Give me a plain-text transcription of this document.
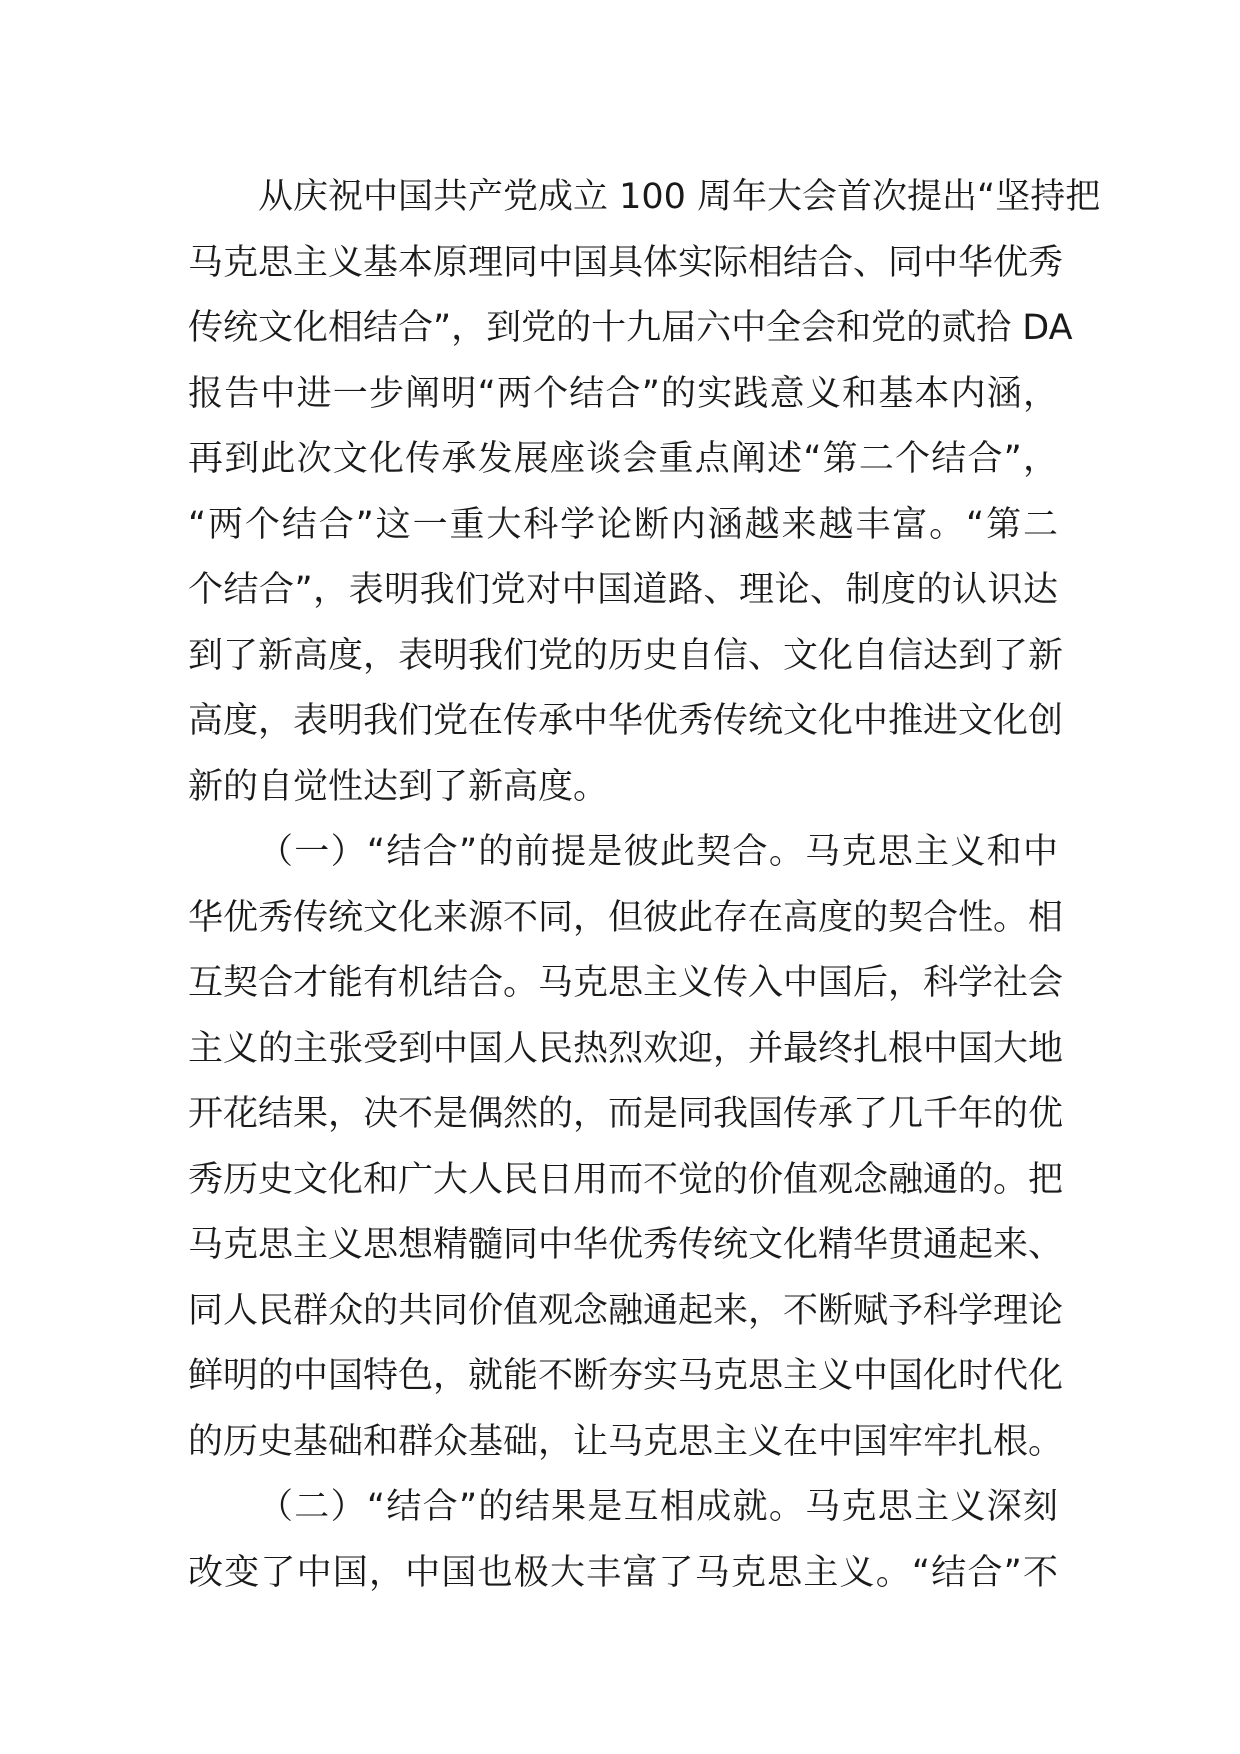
从庆祝中国共产党成立 100 周年大会首次提出“坚持把
马克思主义基本原理同中国具体实际相结合、同中华优秀
传统文化相结合”，到党的十九届六中全会和党的贰拾 DA
报告中进一步阐明“两个结合”的实践意义和基本内涵，
再到此次文化传承发展座谈会重点阐述“第二个结合”，
“两个结合”这一重大科学论断内涵越来越丰富。“第二
个结合”，表明我们党对中国道路、理论、制度的认识达
到了新高度，表明我们党的历史自信、文化自信达到了新
高度，表明我们党在传承中华优秀传统文化中推进文化创
新的自觉性达到了新高度。
（一）“结合”的前提是彼此契合。马克思主义和中
华优秀传统文化来源不同，但彼此存在高度的契合性。相
互契合才能有机结合。马克思主义传入中国后，科学社会
主义的主张受到中国人民热烈欢迎，并最终扎根中国大地
开花结果，决不是偶然的，而是同我国传承了几千年的优
秀历史文化和广大人民日用而不觉的价值观念融通的。把
马克思主义思想精髓同中华优秀传统文化精华贯通起来、
同人民群众的共同价值观念融通起来，不断赋予科学理论
鲜明的中国特色，就能不断夯实马克思主义中国化时代化
的历史基础和群众基础，让马克思主义在中国牢牢扎根。
（二）“结合”的结果是互相成就。马克思主义深刻
改变了中国，中国也极大丰富了马克思主义。“结合”不
